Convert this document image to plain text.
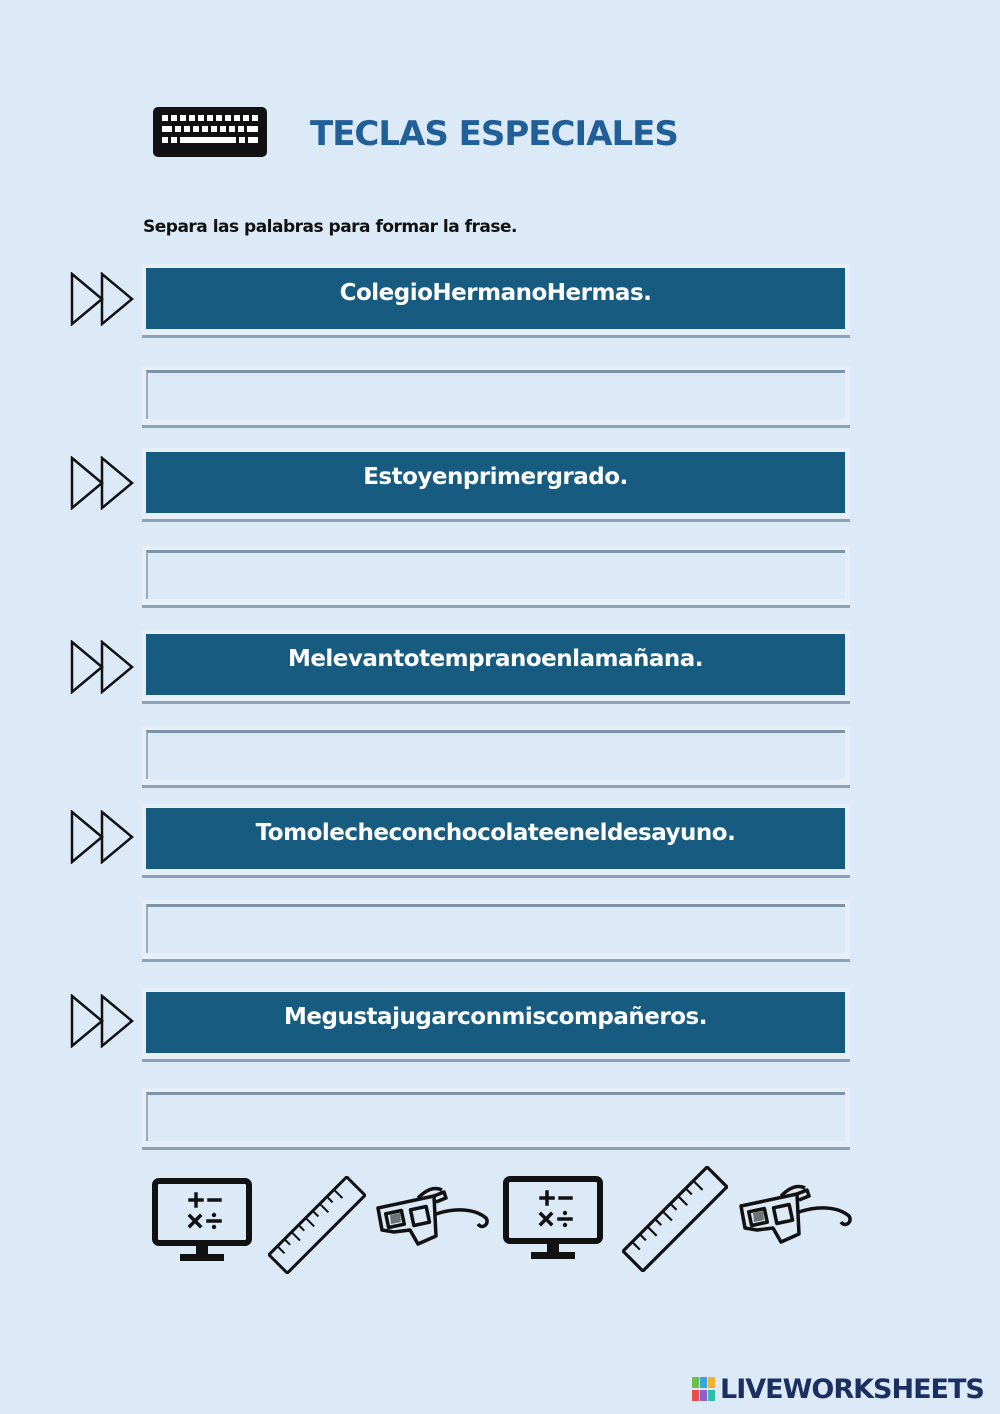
TECLAS ESPECIALES
Separa las palabras para formar la frase.
ColegioHermanoHermas.
Estoyenprimergrado.
Melevantotempranoenlamañana.
Tomolecheconchocolateeneldesayuno.
Megustajugarconmiscompañeros.
LIVEWORKSHEETS
